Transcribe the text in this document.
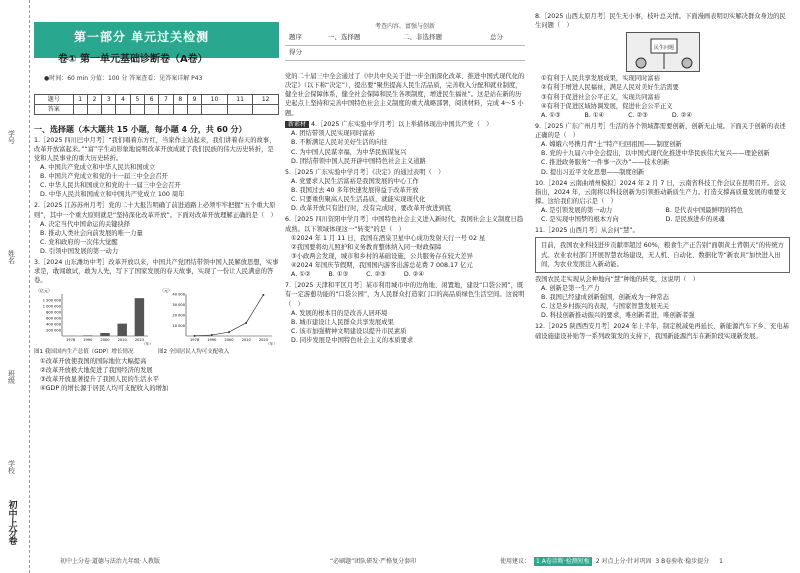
学号
姓名
班级
学校
初中上分卷
第一部分 单元过关检测
卷① 第一单元基础诊断卷（A卷）
●时间：60 min 分值：100 分 答案查看：见答案详解 P43
题号	1	2	3	4	5	6	7	8	9	10	11	12
答案												
一、选择题（本大题共 15 小题，每小题 4 分，共 60 分）
1.［2025 四川巴中月考］“我们唱着东方红，当家作主站起来，我们讲着春天的故事，改革开放富起来。”“富”字生动形象地说明改革开放成就了我们民族的伟大历史转折，是党和人民事业的重大历史转折。
A. 中国共产党成立和中华人民共和国成立
B. 中国共产党成立和党的十一届三中全会召开
C. 中华人民共和国成立和党的十一届三中全会召开
D. 中华人民共和国成立和中国共产党成立 100 周年
2.［2025 江苏苏州月考］党的二十大报告明确了前进道路上必须牢牢把握“五个重大原则”，其中一个重大原则就是“坚持深化改革开放”。下面对改革开放理解正确的是（　）
A. 决定当代中国命运的关键抉择
B. 推动人类社会向前发展的唯一力量
C. 党和政府的一次伟大觉醒
D. 引领中国发展的第一动力
3.［2024 山东潍坊中考］改革开放以来，中国共产党团结带领中国人民解放思想，实事求是，敢闯敢试，敢为人先，写下了国家发展的春天故事，实现了一份让人民满意的答卷。
（亿元）
200 000
400 000
600 000
800 000
1 000 000
1 200 000
1978 1990 2000 2010 2023
（年）
图1 我国国内生产总值（GDP）增长情况
（元）
10 000
20 000
30 000
40 000
1978 1990 2000 2010 2023
（年）
图2 全国居民人均可支配收入
①改革开放使我国的国际地位大幅提高
②改革开放极大地促进了我国经济的发展
③改革开放显著提升了我国人民的生活水平
④GDP 的增长源于居民人均可支配收入的增加
考查内容，富强与创新
题序	一、选择题	二、非选择题	总分
得分			
党的二十届三中全会通过了《中共中央关于进一步全面深化改革、推进中国式现代化的决定》（以下称“决定”），提出要“聚焦提高人民生活品质，完善收入分配和就业制度，健全社会保障体系，健全社会保障和民生各项制度，增进民生福祉”。这是站在新的历史起点上坚持和完善中国特色社会主义制度的重大战略部署，阅读材料，完成 4～5 小题。
新素材 4.［2025 广东实验中学月考］以上举措体现出中国共产党（　）
A. 团结带领人民实现同时富裕
B. 不断满足人民对美好生活的向往
C. 为中国人民谋幸福，为中华民族谋复兴
D. 团结带领中国人民开辟中国特色社会主义道路
5.［2025 广东实验中学月考］《决定》的通过表明（　）
A. 党要求人民生活富裕是我国发展的中心工作
B. 我国过去 40 多年快速发展得益于改革开放
C. 只要重焦聚高人民生活品质，就能实现现代化
D. 改革开放只有进行时，没有完成时，要改革开放进到底
6.［2025 四川资阳中学月考］中国特色社会主义进入新时代，我国社会主义制度日趋成熟。以下领域体现这一“转变”的是（　）
①2024 年 1 月 11 日，我国在酒泉卫星中心成功发射天行一号 02 星
②我国要将幼儿照护和义务教育整体纳入同一财政保障
③小政两会发现，城市和乡村的基础设施，公共服务存在较大差异
④2024 年国庆节假期，我国国内游客出游总花费 7 008.17 亿元
A. ①②	B. ①③	C. ②③	D. ②④
7.［2025 天津和平区月考］某市利用城市中的边角地、闲置地，建设“口袋公园”，既有一定游憩功能的“口袋公园”，为人民群众打造家门口的高品质绿色生活空间。这说明（　）
A. 发展的根本目的是改善人居环境
B. 城市建设让人民群众共享发展成果
C. 该市加强精神文明建设以提升市民素质
D. 同步发展是中国特色社会主义的本质要求
8.［2025 山西太原月考］民生无小事，枝叶总关情。下面漫画表明切实解决群众身边的民生问题（　）
民生问题
①有利于人民共享发展成果，实现同时富裕
②有利于增进人民福祉，满足人民对美好生活需要
③有利于促进社会公平正义，实现共同富裕
④有利于促进区域协调发展，促进社会公平正义
A. ①③	B. ①④	C. ②③	D. ②④
9.［2025 广东广州月考］生活的各个领域都需要创新，创新无止境。下面关于创新的表述正确的是（　）
A. 嫦娥六号携月背“土”特产归回祖国——制度创新
B. 党的十九届六中全会提出，以中国式现代化推进中华民族伟大复兴——理论创新
C. 推进政务服务“一件事一次办”——技术创新
D. 提出习近平文化思想——制度创新
10.［2024 云南曲靖州模拟］2024 年 2 月 7 日，云南省科技工作会议在昆明召开。会议指出，2024 年，云南将以科技创新为引领推动新质生产力。打造支撑高质量发展的重要支撑。这给我们的启示是（　）
A. 是引领发展的第一动力	B. 是代表中国最鲜明的特色
C. 是实现中国梦的根本方向	D. 是民族进步的灵魂
11.［2025 山西月考］从会问“慧”。
目前，我国农业科技进步贡献率超过 60%，粮食生产正告别“面朝黄土背朝天”的传统方式。农业农村部门开展智慧农场建设，无人机、自动化、数据化等“新农具”加快进入田间，为农业发展注入新动能。
我国农民走实现从会种地向“慧”种地的转变，这说明（　）
A. 创新是第一生产力
B. 我国已经建成创新强国，创新成为一种常态
C. 这是乡村振兴的表现，与国家智慧发展无关
D. 科技创新推动振兴的要求，唯创新者进，唯创新者强
12.［2025 陕西西安月考］2024 年上半年，制定税减免再延长、新能源汽车下乡、充电基础设施建设补贴等一系列政策发的支持下，我国新能源汽车在新阶段实现新发展。
初中上分卷·道德与法治九年级·人教版	“必刷题”团队研发·严格复分套印	使用建议：	1 A卷诊断·检测短板	2 对点上分·针对巩固 3 B卷验收·稳步提分 1
